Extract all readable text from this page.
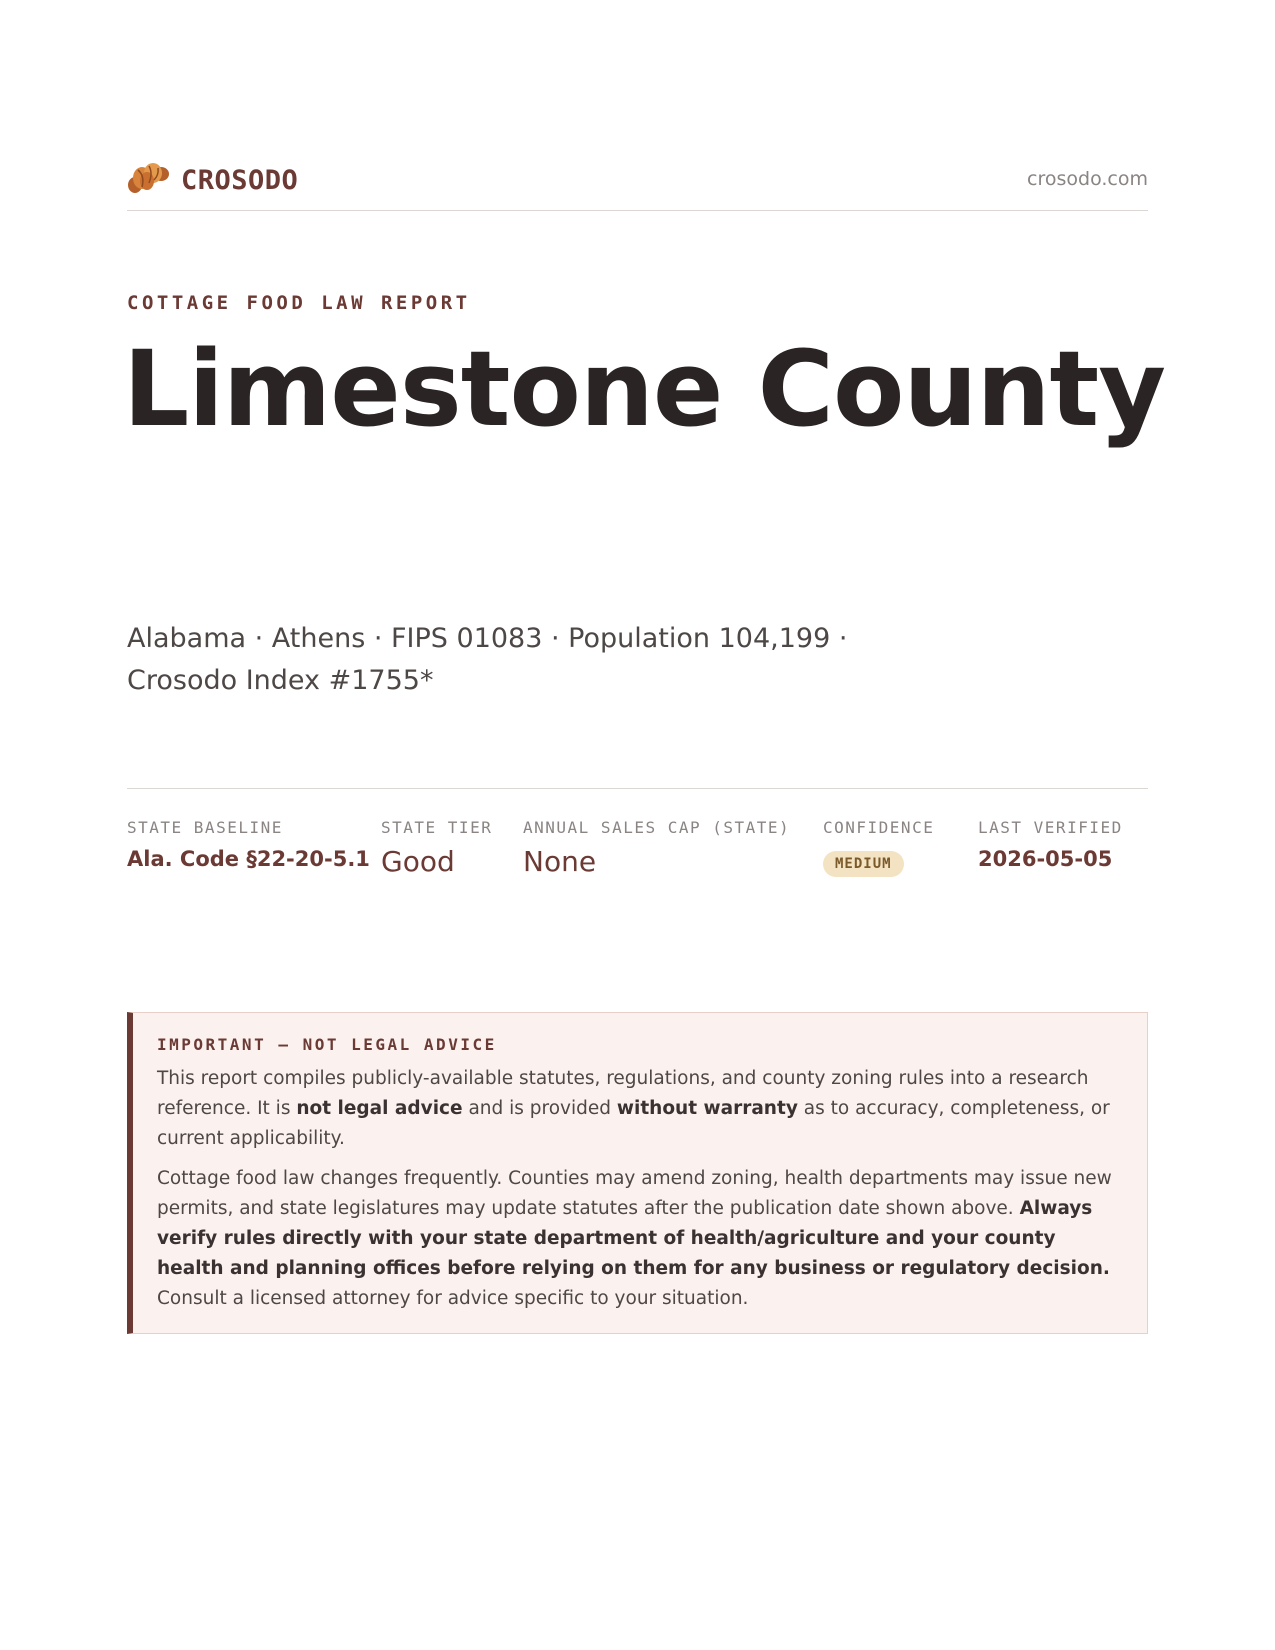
CROSODO	crosodo.com
COTTAGE FOOD LAW REPORT
Limestone County
Alabama · Athens · FIPS 01083 · Population 104,199 ·
Crosodo Index #1755*
STATE BASELINE
Ala. Code §22-20-5.1
STATE TIER
Good
ANNUAL SALES CAP (STATE)
None
CONFIDENCE
MEDIUM
LAST VERIFIED
2026-05-05
IMPORTANT — NOT LEGAL ADVICE

This report compiles publicly-available statutes, regulations, and county zoning rules into a research reference. It is not legal advice and is provided without warranty as to accuracy, completeness, or current applicability.

Cottage food law changes frequently. Counties may amend zoning, health departments may issue new permits, and state legislatures may update statutes after the publication date shown above. Always verify rules directly with your state department of health/agriculture and your county health and planning offices before relying on them for any business or regulatory decision. Consult a licensed attorney for advice specific to your situation.
